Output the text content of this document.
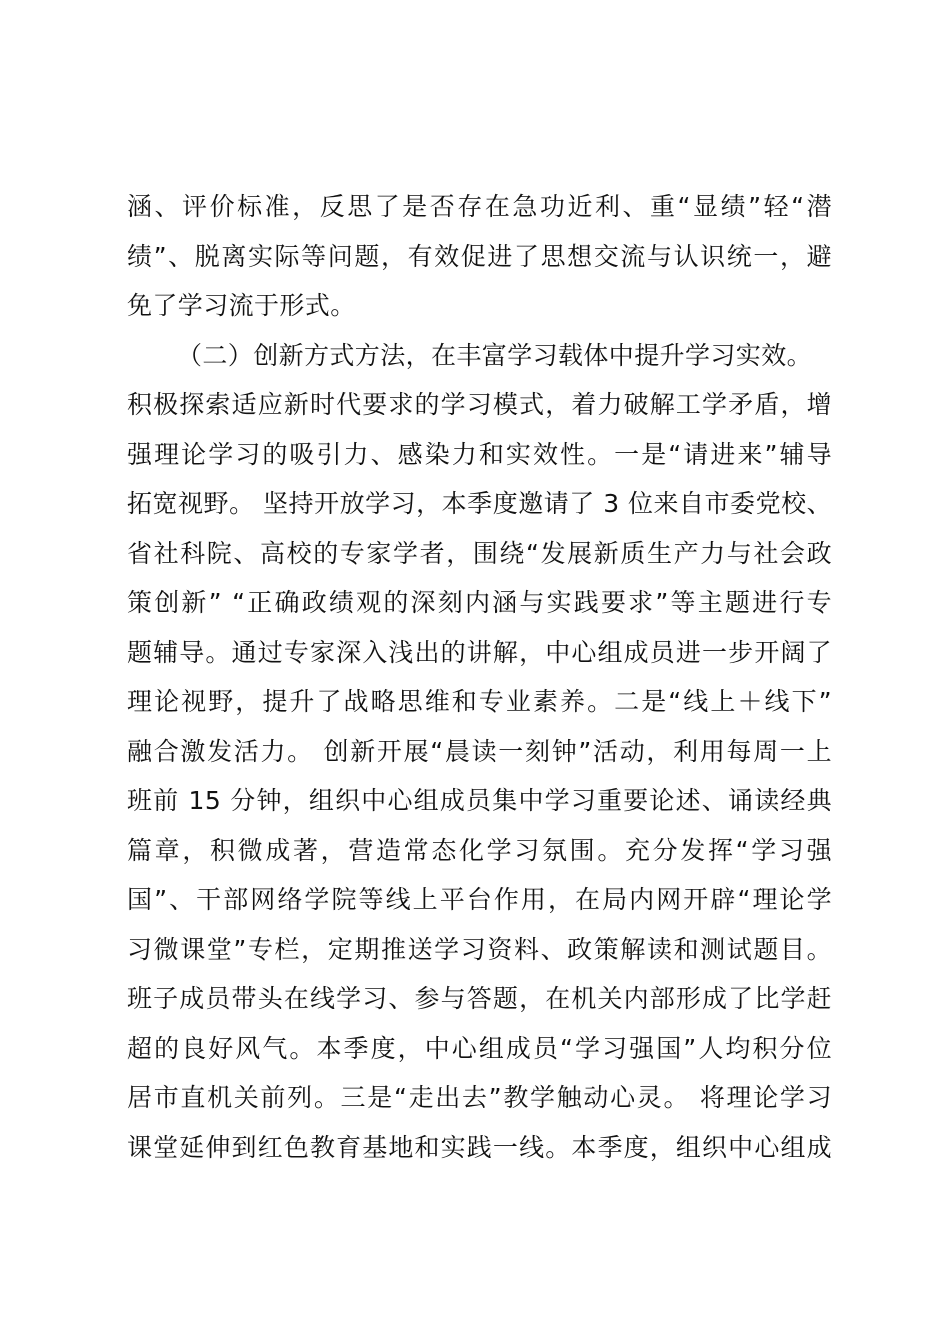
涵、评价标准，反思了是否存在急功近利、重“显绩”轻“潜
绩”、脱离实际等问题，有效促进了思想交流与认识统一，避
免了学习流于形式。
（二）创新方式方法，在丰富学习载体中提升学习实效。
积极探索适应新时代要求的学习模式，着力破解工学矛盾，增
强理论学习的吸引力、感染力和实效性。一是“请进来”辅导
拓宽视野。 坚持开放学习，本季度邀请了 3 位来自市委党校、
省社科院、高校的专家学者，围绕“发展新质生产力与社会政
策创新” “正确政绩观的深刻内涵与实践要求”等主题进行专
题辅导。通过专家深入浅出的讲解，中心组成员进一步开阔了
理论视野，提升了战略思维和专业素养。二是“线上＋线下”
融合激发活力。 创新开展“晨读一刻钟”活动，利用每周一上
班前 15 分钟，组织中心组成员集中学习重要论述、诵读经典
篇章，积微成著，营造常态化学习氛围。充分发挥“学习强
国”、干部网络学院等线上平台作用，在局内网开辟“理论学
习微课堂”专栏，定期推送学习资料、政策解读和测试题目。
班子成员带头在线学习、参与答题，在机关内部形成了比学赶
超的良好风气。本季度，中心组成员“学习强国”人均积分位
居市直机关前列。三是“走出去”教学触动心灵。 将理论学习
课堂延伸到红色教育基地和实践一线。本季度，组织中心组成
